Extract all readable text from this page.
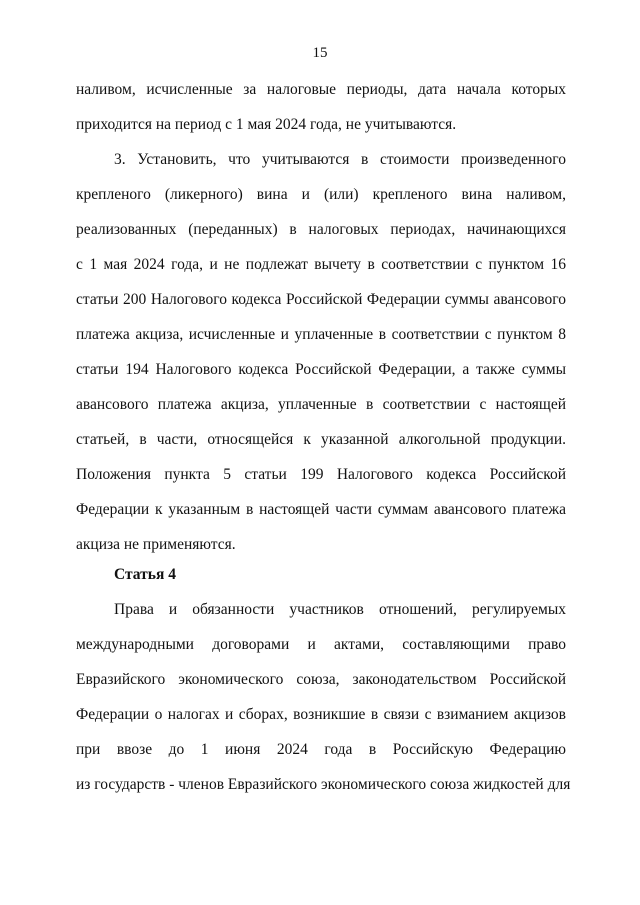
15
наливом, исчисленные за налоговые периоды, дата начала которых
приходится на период с 1 мая 2024 года, не учитываются.
3. Установить, что учитываются в стоимости произведенного
крепленого (ликерного) вина и (или) крепленого вина наливом,
реализованных (переданных) в налоговых периодах, начинающихся
с 1 мая 2024 года, и не подлежат вычету в соответствии с пунктом 16
статьи 200 Налогового кодекса Российской Федерации суммы авансового
платежа акциза, исчисленные и уплаченные в соответствии с пунктом 8
статьи 194 Налогового кодекса Российской Федерации, а также суммы
авансового платежа акциза, уплаченные в соответствии с настоящей
статьей, в части, относящейся к указанной алкогольной продукции.
Положения пункта 5 статьи 199 Налогового кодекса Российской
Федерации к указанным в настоящей части суммам авансового платежа
акциза не применяются.
Статья 4
Права и обязанности участников отношений, регулируемых
международными договорами и актами, составляющими право
Евразийского экономического союза, законодательством Российской
Федерации о налогах и сборах, возникшие в связи с взиманием акцизов
при ввозе до 1 июня 2024 года в Российскую Федерацию
из государств - членов Евразийского экономического союза жидкостей для
